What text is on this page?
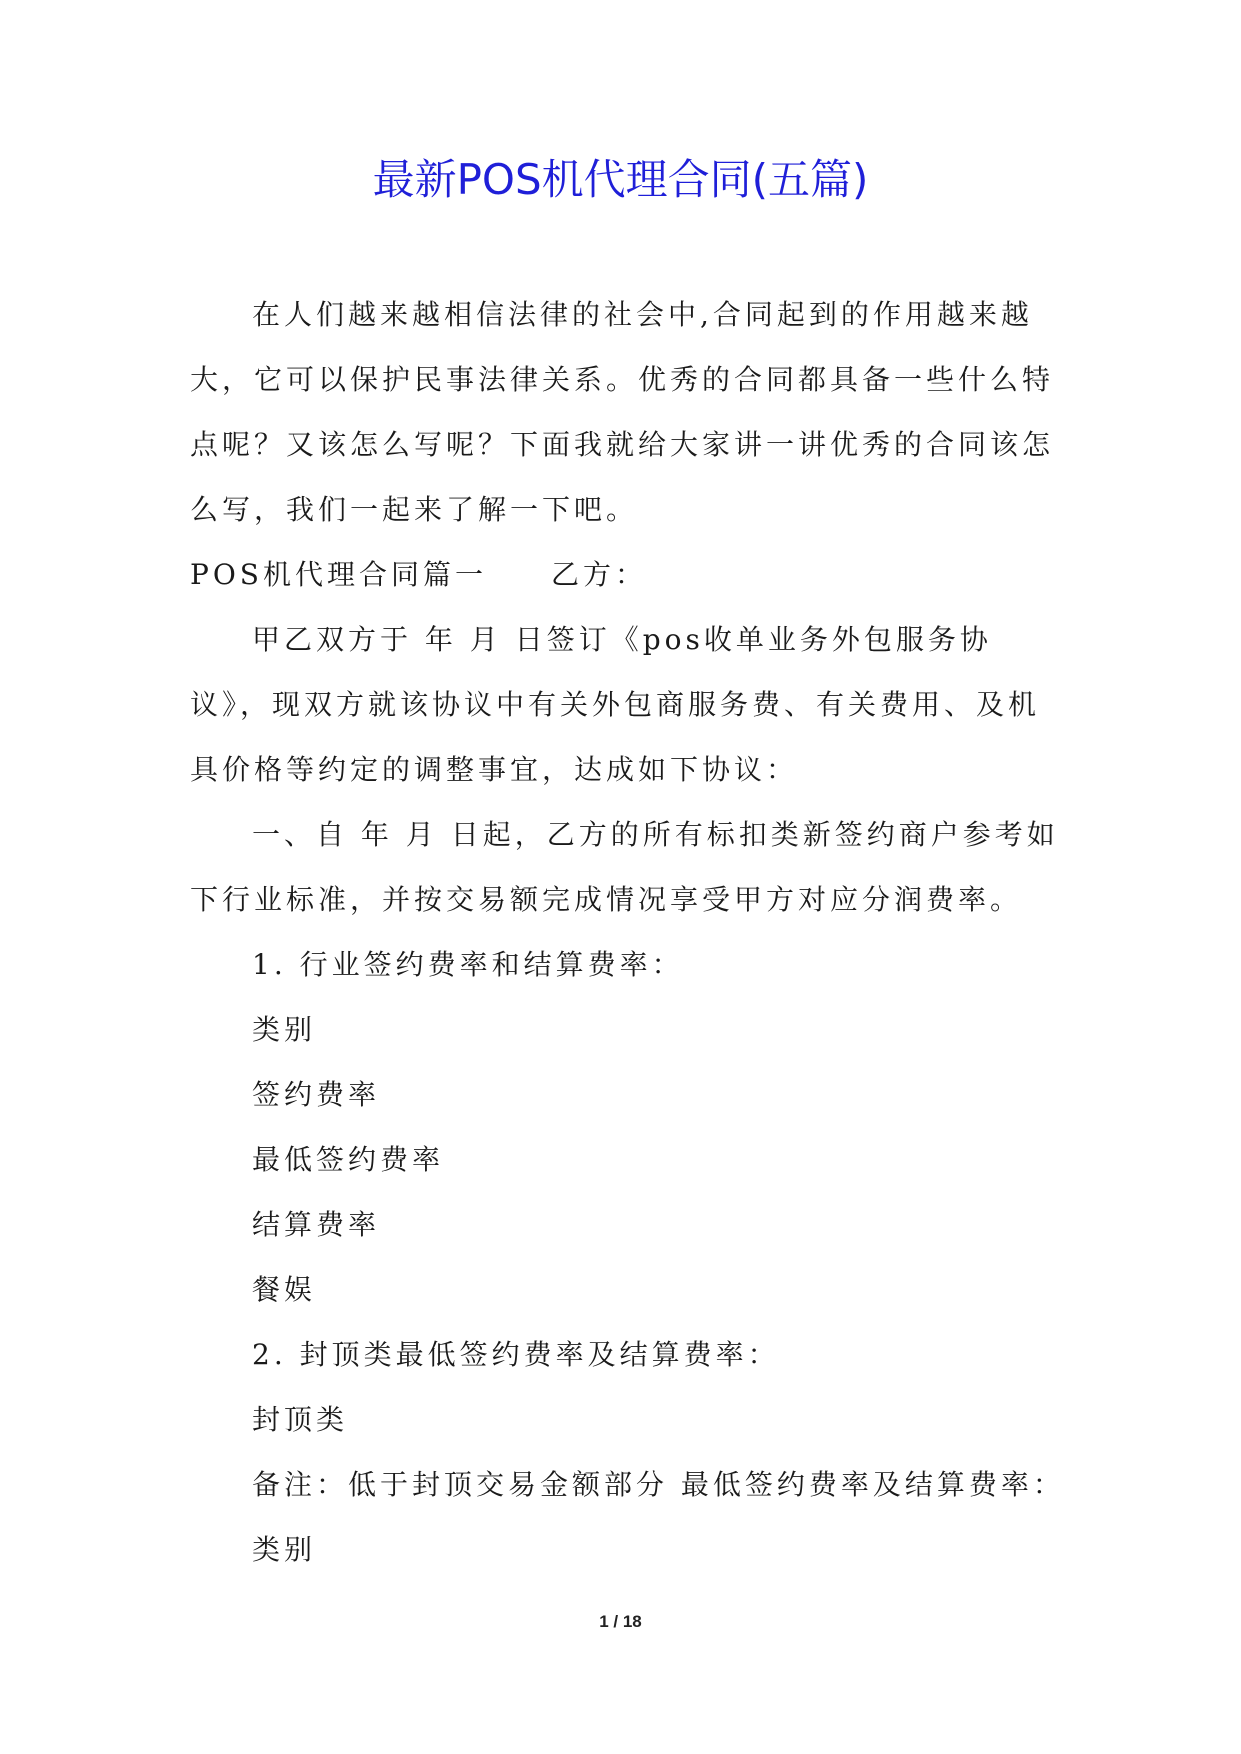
最新POS机代理合同(五篇)

在人们越来越相信法律的社会中,合同起到的作用越来越大，它可以保护民事法律关系。优秀的合同都具备一些什么特点呢？又该怎么写呢？下面我就给大家讲一讲优秀的合同该怎么写，我们一起来了解一下吧。

POS机代理合同篇一 乙方：

甲乙双方于 年 月 日签订《pos收单业务外包服务协议》，现双方就该协议中有关外包商服务费、有关费用、及机具价格等约定的调整事宜，达成如下协议：

一、自 年 月 日起，乙方的所有标扣类新签约商户参考如下行业标准，并按交易额完成情况享受甲方对应分润费率。

1. 行业签约费率和结算费率：

类别

签约费率

最低签约费率

结算费率

餐娱

2. 封顶类最低签约费率及结算费率：

封顶类

备注：低于封顶交易金额部分 最低签约费率及结算费率：

类别

1 / 18
